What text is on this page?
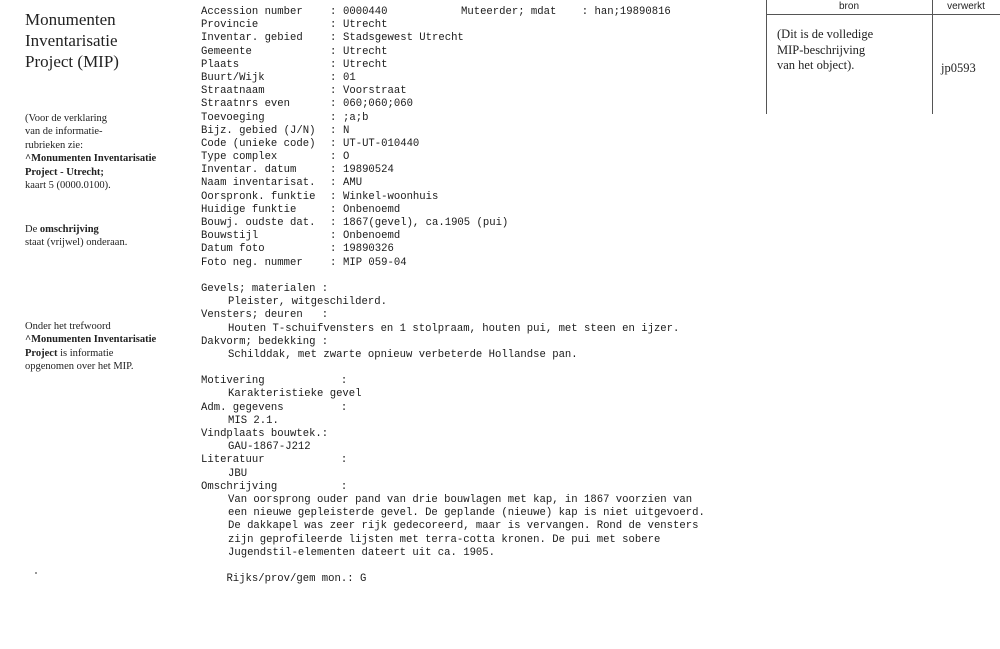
Monumenten
Inventarisatie
Project (MIP)
(Voor de verklaring
van de informatie-
rubrieken zie:
^Monumenten Inventarisatie
Project - Utrecht;
kaart 5 (0000.0100).
De omschrijving
staat (vrijwel) onderaan.
Onder het trefwoord
^Monumenten Inventarisatie
Project is informatie
opgenomen over het MIP.
bron	verwerkt
(Dit is de volledige
MIP-beschrijving
van het object).	jp0593
Muteerder; mdat    : han;19890816
Accession number	: 0000440
Provincie	: Utrecht
Inventar. gebied	: Stadsgewest Utrecht
Gemeente	: Utrecht
Plaats	: Utrecht
Buurt/Wijk	: 01
Straatnaam	: Voorstraat
Straatnrs even	: 060;060;060
Toevoeging	: ;a;b
Bijz. gebied (J/N) : N
Code (unieke code) : UT-UT-010440
Type complex	: O
Inventar. datum	: 19890524
Naam inventarisat. : AMU
Oorspronk. funktie : Winkel-woonhuis
Huidige funktie	: Onbenoemd
Bouwj. oudste dat. : 1867(gevel), ca.1905 (pui)
Bouwstijl	: Onbenoemd
Datum foto	: 19890326
Foto neg. nummer	: MIP 059-04
Gevels; materialen :
Pleister, witgeschilderd.
Vensters; deuren   :
Houten T-schuifvensters en 1 stolpraam, houten pui, met steen en ijzer.
Dakvorm; bedekking :
Schilddak, met zwarte opnieuw verbeterde Hollandse pan.
Motivering            :
Karakteristieke gevel
Adm. gegevens         :
MIS 2.1.
Vindplaats bouwtek.:
GAU-1867-J212
Literatuur            :
JBU
Omschrijving          :
Van oorsprong ouder pand van drie bouwlagen met kap, in 1867 voorzien van
een nieuwe gepleisterde gevel. De geplande (nieuwe) kap is niet uitgevoerd.
De dakkapel was zeer rijk gedecoreerd, maar is vervangen. Rond de vensters
zijn geprofileerde lijsten met terra-cotta kronen. De pui met sobere
Jugendstil-elementen dateert uit ca. 1905.

Rijks/prov/gem mon.: G
